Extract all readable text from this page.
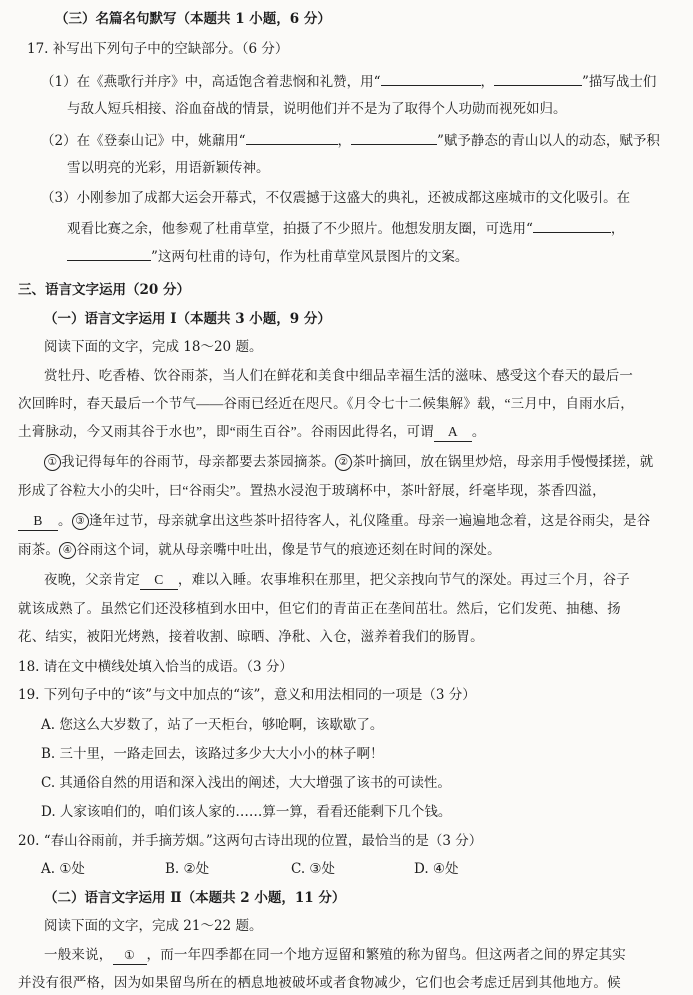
（三）名篇名句默写（本题共 1 小题，6 分）
17. 补写出下列句子中的空缺部分。（6 分）
（1）在《燕歌行并序》中，高适饱含着悲悯和礼赞，用“	，	”描写战士们
与敌人短兵相接、浴血奋战的情景，说明他们并不是为了取得个人功勋而视死如归。
（2）在《登泰山记》中，姚鼐用“	，	”赋予静态的青山以人的动态，赋予积
雪以明亮的光彩，用语新颖传神。
（3）小刚参加了成都大运会开幕式，不仅震撼于这盛大的典礼，还被成都这座城市的文化吸引。在
观看比赛之余，他参观了杜甫草堂，拍摄了不少照片。他想发朋友圈，可选用“	，
”这两句杜甫的诗句，作为杜甫草堂风景图片的文案。
三、语言文字运用（20 分）
（一）语言文字运用 Ⅰ（本题共 3 小题，9 分）
阅读下面的文字，完成 18～20 题。
赏牡丹、吃香椿、饮谷雨茶，当人们在鲜花和美食中细品幸福生活的滋味、感受这个春天的最后一
次回眸时，春天最后一个节气——谷雨已经近在咫尺。《月令七十二候集解》载，“三月中，自雨水后，
土膏脉动，今又雨其谷于水也”，即“雨生百谷”。谷雨因此得名，可谓 A 。
① 我记得每年的谷雨节，母亲都要去茶园摘茶。 ② 茶叶摘回，放在锅里炒焙，母亲用手慢慢揉搓，就
形成了谷粒大小的尖叶，曰“谷雨尖”。置热水浸泡于玻璃杯中，茶叶舒展，纤毫毕现，茶香四溢，
B 。 ③ 逢年过节，母亲就拿出这些茶叶招待客人，礼仪隆重。母亲一遍遍地念着，这是谷雨尖，是谷
雨茶。 ④ 谷雨这个词，就从母亲嘴中吐出，像是节气的痕迹还刻在时间的深处。
夜晚，父亲肯定 C ，难以入睡。农事堆积在那里，把父亲拽向节气的深处。再过三个月，谷子
就该成熟了。虽然它们还没移植到水田中，但它们的青苗正在垄间茁壮。然后，它们发蔸、抽穗、扬
花、结实，被阳光烤熟，接着收割、晾晒、净秕、入仓，滋养着我们的肠胃。
18. 请在文中横线处填入恰当的成语。（3 分）
19. 下列句子中的“该”与文中加点的“该”，意义和用法相同的一项是（3 分）
A. 您这么大岁数了，站了一天柜台，够呛啊，该歇歇了。
B. 三十里，一路走回去，该路过多少大大小小的林子啊！
C. 其通俗自然的用语和深入浅出的阐述，大大增强了该书的可读性。
D. 人家该咱们的，咱们该人家的……算一算，看看还能剩下几个钱。
20. “春山谷雨前，并手摘芳烟。”这两句古诗出现的位置，最恰当的是（3 分）
A. ①处	B. ②处	C. ③处	D. ④处
（二）语言文字运用 Ⅱ（本题共 2 小题，11 分）
阅读下面的文字，完成 21～22 题。
一般来说， ① ，而一年四季都在同一个地方逗留和繁殖的称为留鸟。但这两者之间的界定其实
并没有很严格，因为如果留鸟所在的栖息地被破坏或者食物减少，它们也会考虑迁居到其他地方。候
